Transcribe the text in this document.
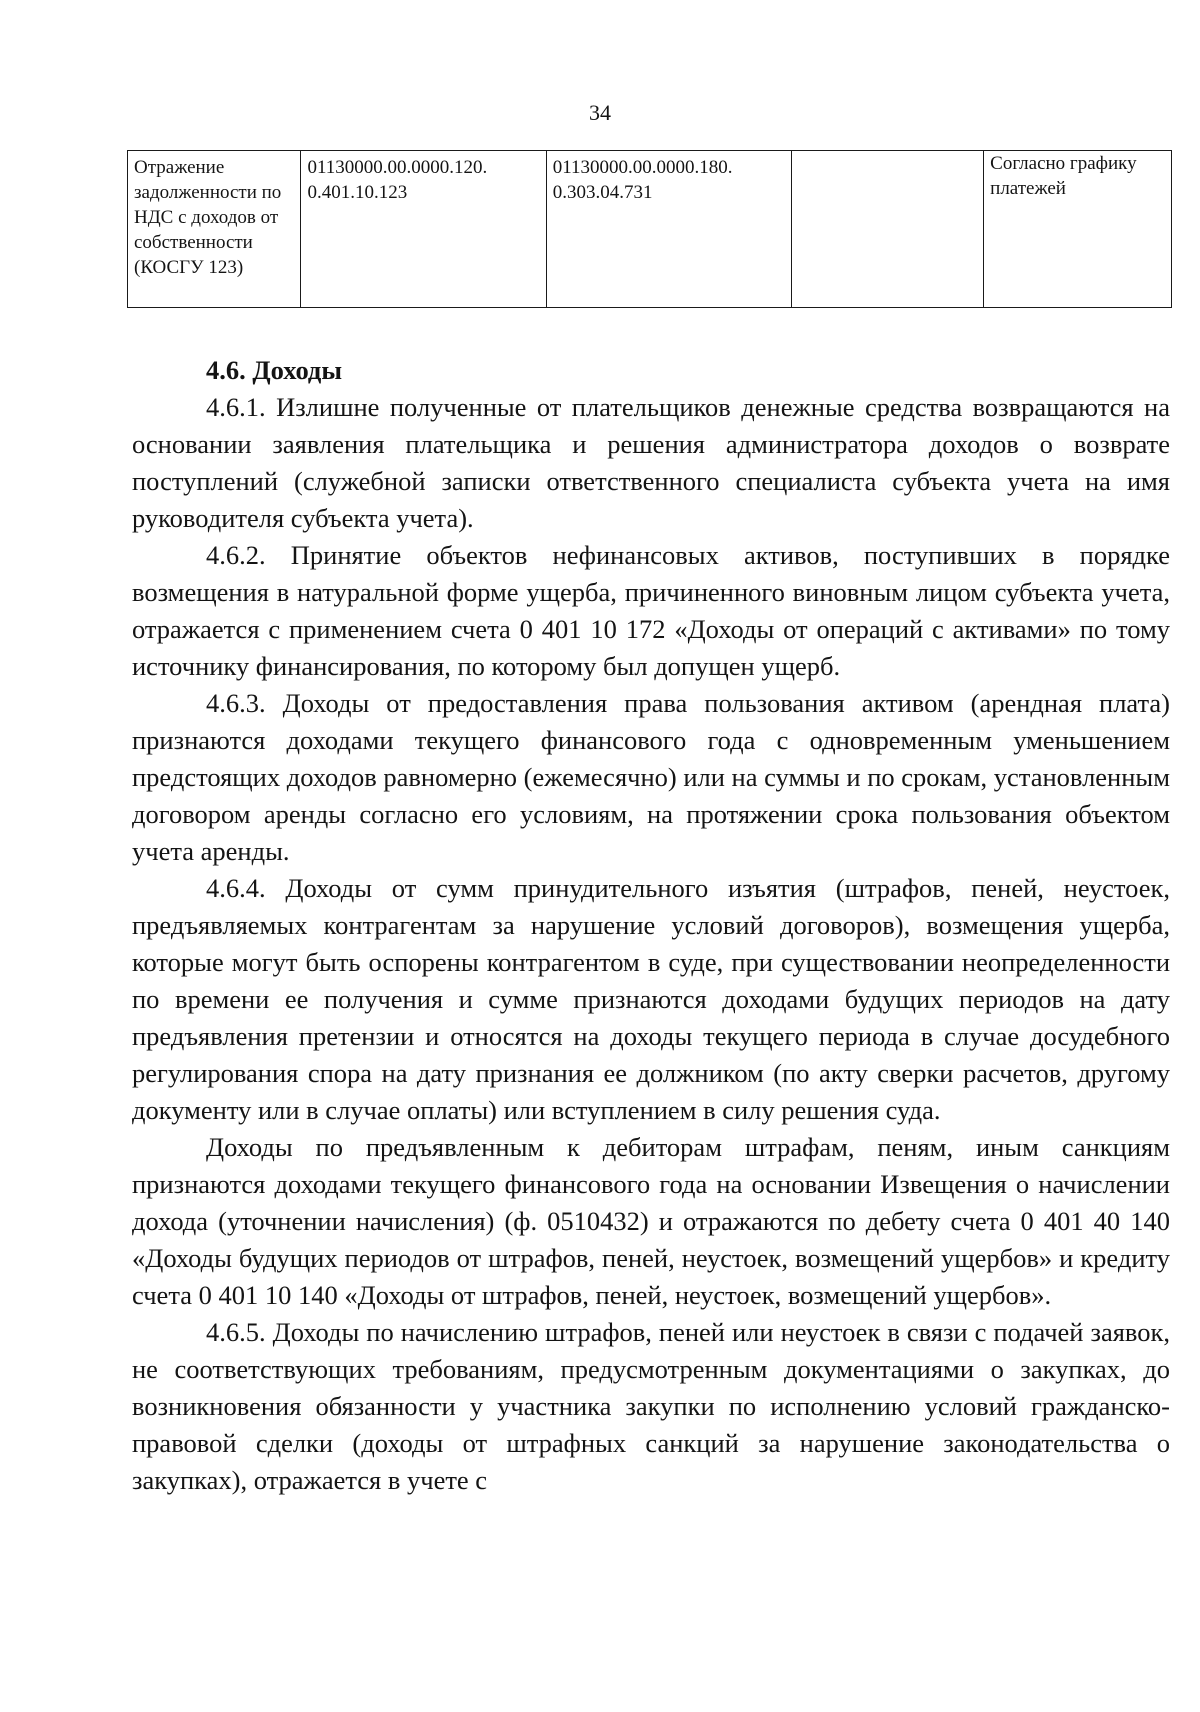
34
Отражение задолженности по НДС с доходов от собственности (КОСГУ 123)	01130000.00.0000.120. 0.401.10.123	01130000.00.0000.180. 0.303.04.731		Согласно графику платежей
4.6. Доходы

4.6.1. Излишне полученные от плательщиков денежные средства возвращаются на основании заявления плательщика и решения администратора доходов о возврате поступлений (служебной записки ответственного специалиста субъекта учета на имя руководителя субъекта учета).

4.6.2. Принятие объектов нефинансовых активов, поступивших в порядке возмещения в натуральной форме ущерба, причиненного виновным лицом субъекта учета, отражается с применением счета 0 401 10 172 «Доходы от операций с активами» по тому источнику финансирования, по которому был допущен ущерб.

4.6.3. Доходы от предоставления права пользования активом (арендная плата) признаются доходами текущего финансового года с одновременным уменьшением предстоящих доходов равномерно (ежемесячно) или на суммы и по срокам, установленным договором аренды согласно его условиям, на протяжении срока пользования объектом учета аренды.

4.6.4. Доходы от сумм принудительного изъятия (штрафов, пеней, неустоек, предъявляемых контрагентам за нарушение условий договоров), возмещения ущерба, которые могут быть оспорены контрагентом в суде, при существовании неопределенности по времени ее получения и сумме признаются доходами будущих периодов на дату предъявления претензии и относятся на доходы текущего периода в случае досудебного регулирования спора на дату признания ее должником (по акту сверки расчетов, другому документу или в случае оплаты) или вступлением в силу решения суда.

Доходы по предъявленным к дебиторам штрафам, пеням, иным санкциям признаются доходами текущего финансового года на основании Извещения о начислении дохода (уточнении начисления) (ф. 0510432) и отражаются по дебету счета 0 401 40 140 «Доходы будущих периодов от штрафов, пеней, неустоек, возмещений ущербов» и кредиту счета 0 401 10 140 «Доходы от штрафов, пеней, неустоек, возмещений ущербов».

4.6.5. Доходы по начислению штрафов, пеней или неустоек в связи с подачей заявок, не соответствующих требованиям, предусмотренным документациями о закупках, до возникновения обязанности у участника закупки по исполнению условий гражданско-правовой сделки (доходы от штрафных санкций за нарушение законодательства о закупках), отражается в учете с
